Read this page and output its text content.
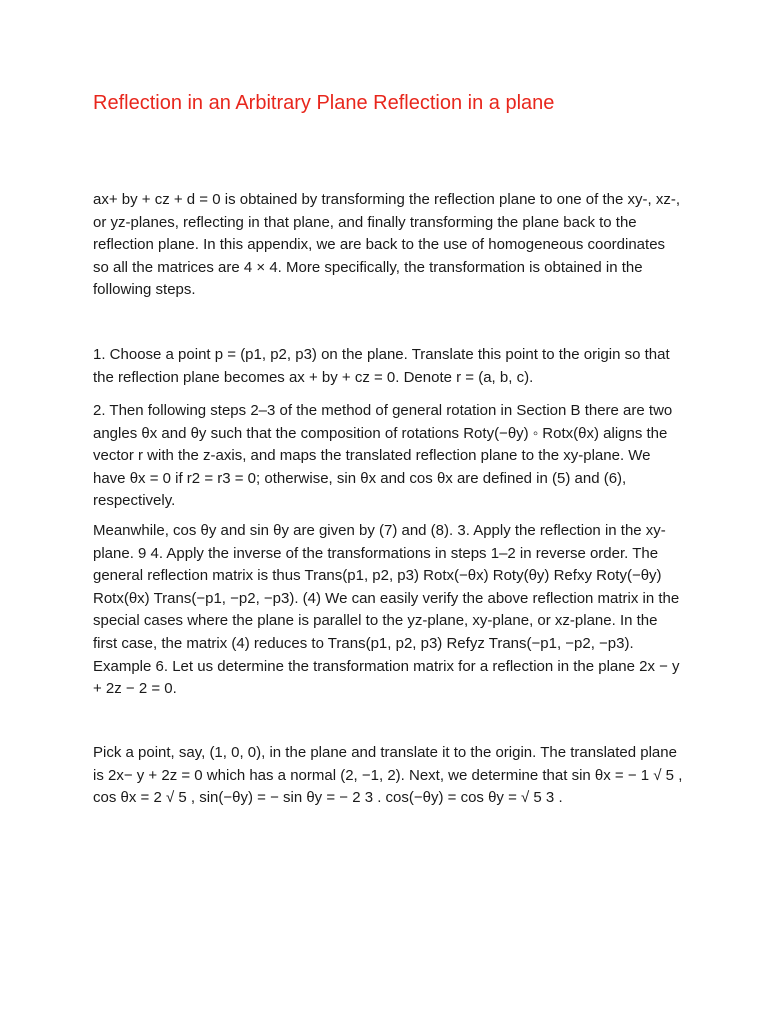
Reflection in an Arbitrary Plane Reflection in a plane

ax+ by + cz + d = 0 is obtained by transforming the reflection plane to one of the xy-, xz-, or yz-planes, reflecting in that plane, and finally transforming the plane back to the reflection plane. In this appendix, we are back to the use of homogeneous coordinates so all the matrices are 4 × 4. More specifically, the transformation is obtained in the following steps.

1. Choose a point p = (p1, p2, p3) on the plane. Translate this point to the origin so that the reflection plane becomes ax + by + cz = 0. Denote r = (a, b, c).

2. Then following steps 2–3 of the method of general rotation in Section B there are two angles θx and θy such that the composition of rotations Roty(−θy) ◦ Rotx(θx) aligns the vector r with the z-axis, and maps the translated reflection plane to the xy-plane. We have θx = 0 if r2 = r3 = 0; otherwise, sin θx and cos θx are defined in (5) and (6), respectively.

Meanwhile, cos θy and sin θy are given by (7) and (8). 3. Apply the reflection in the xy-plane. 9 4. Apply the inverse of the transformations in steps 1–2 in reverse order. The general reflection matrix is thus Trans(p1, p2, p3) Rotx(−θx) Roty(θy) Refxy Roty(−θy) Rotx(θx) Trans(−p1, −p2, −p3). (4) We can easily verify the above reflection matrix in the special cases where the plane is parallel to the yz-plane, xy-plane, or xz-plane. In the first case, the matrix (4) reduces to Trans(p1, p2, p3) Refyz Trans(−p1, −p2, −p3). Example 6. Let us determine the transformation matrix for a reflection in the plane 2x − y + 2z − 2 = 0.

Pick a point, say, (1, 0, 0), in the plane and translate it to the origin. The translated plane is 2x− y + 2z = 0 which has a normal (2, −1, 2). Next, we determine that sin θx = − 1 √ 5 , cos θx = 2 √ 5 , sin(−θy) = − sin θy = − 2 3 . cos(−θy) = cos θy = √ 5 3 .
